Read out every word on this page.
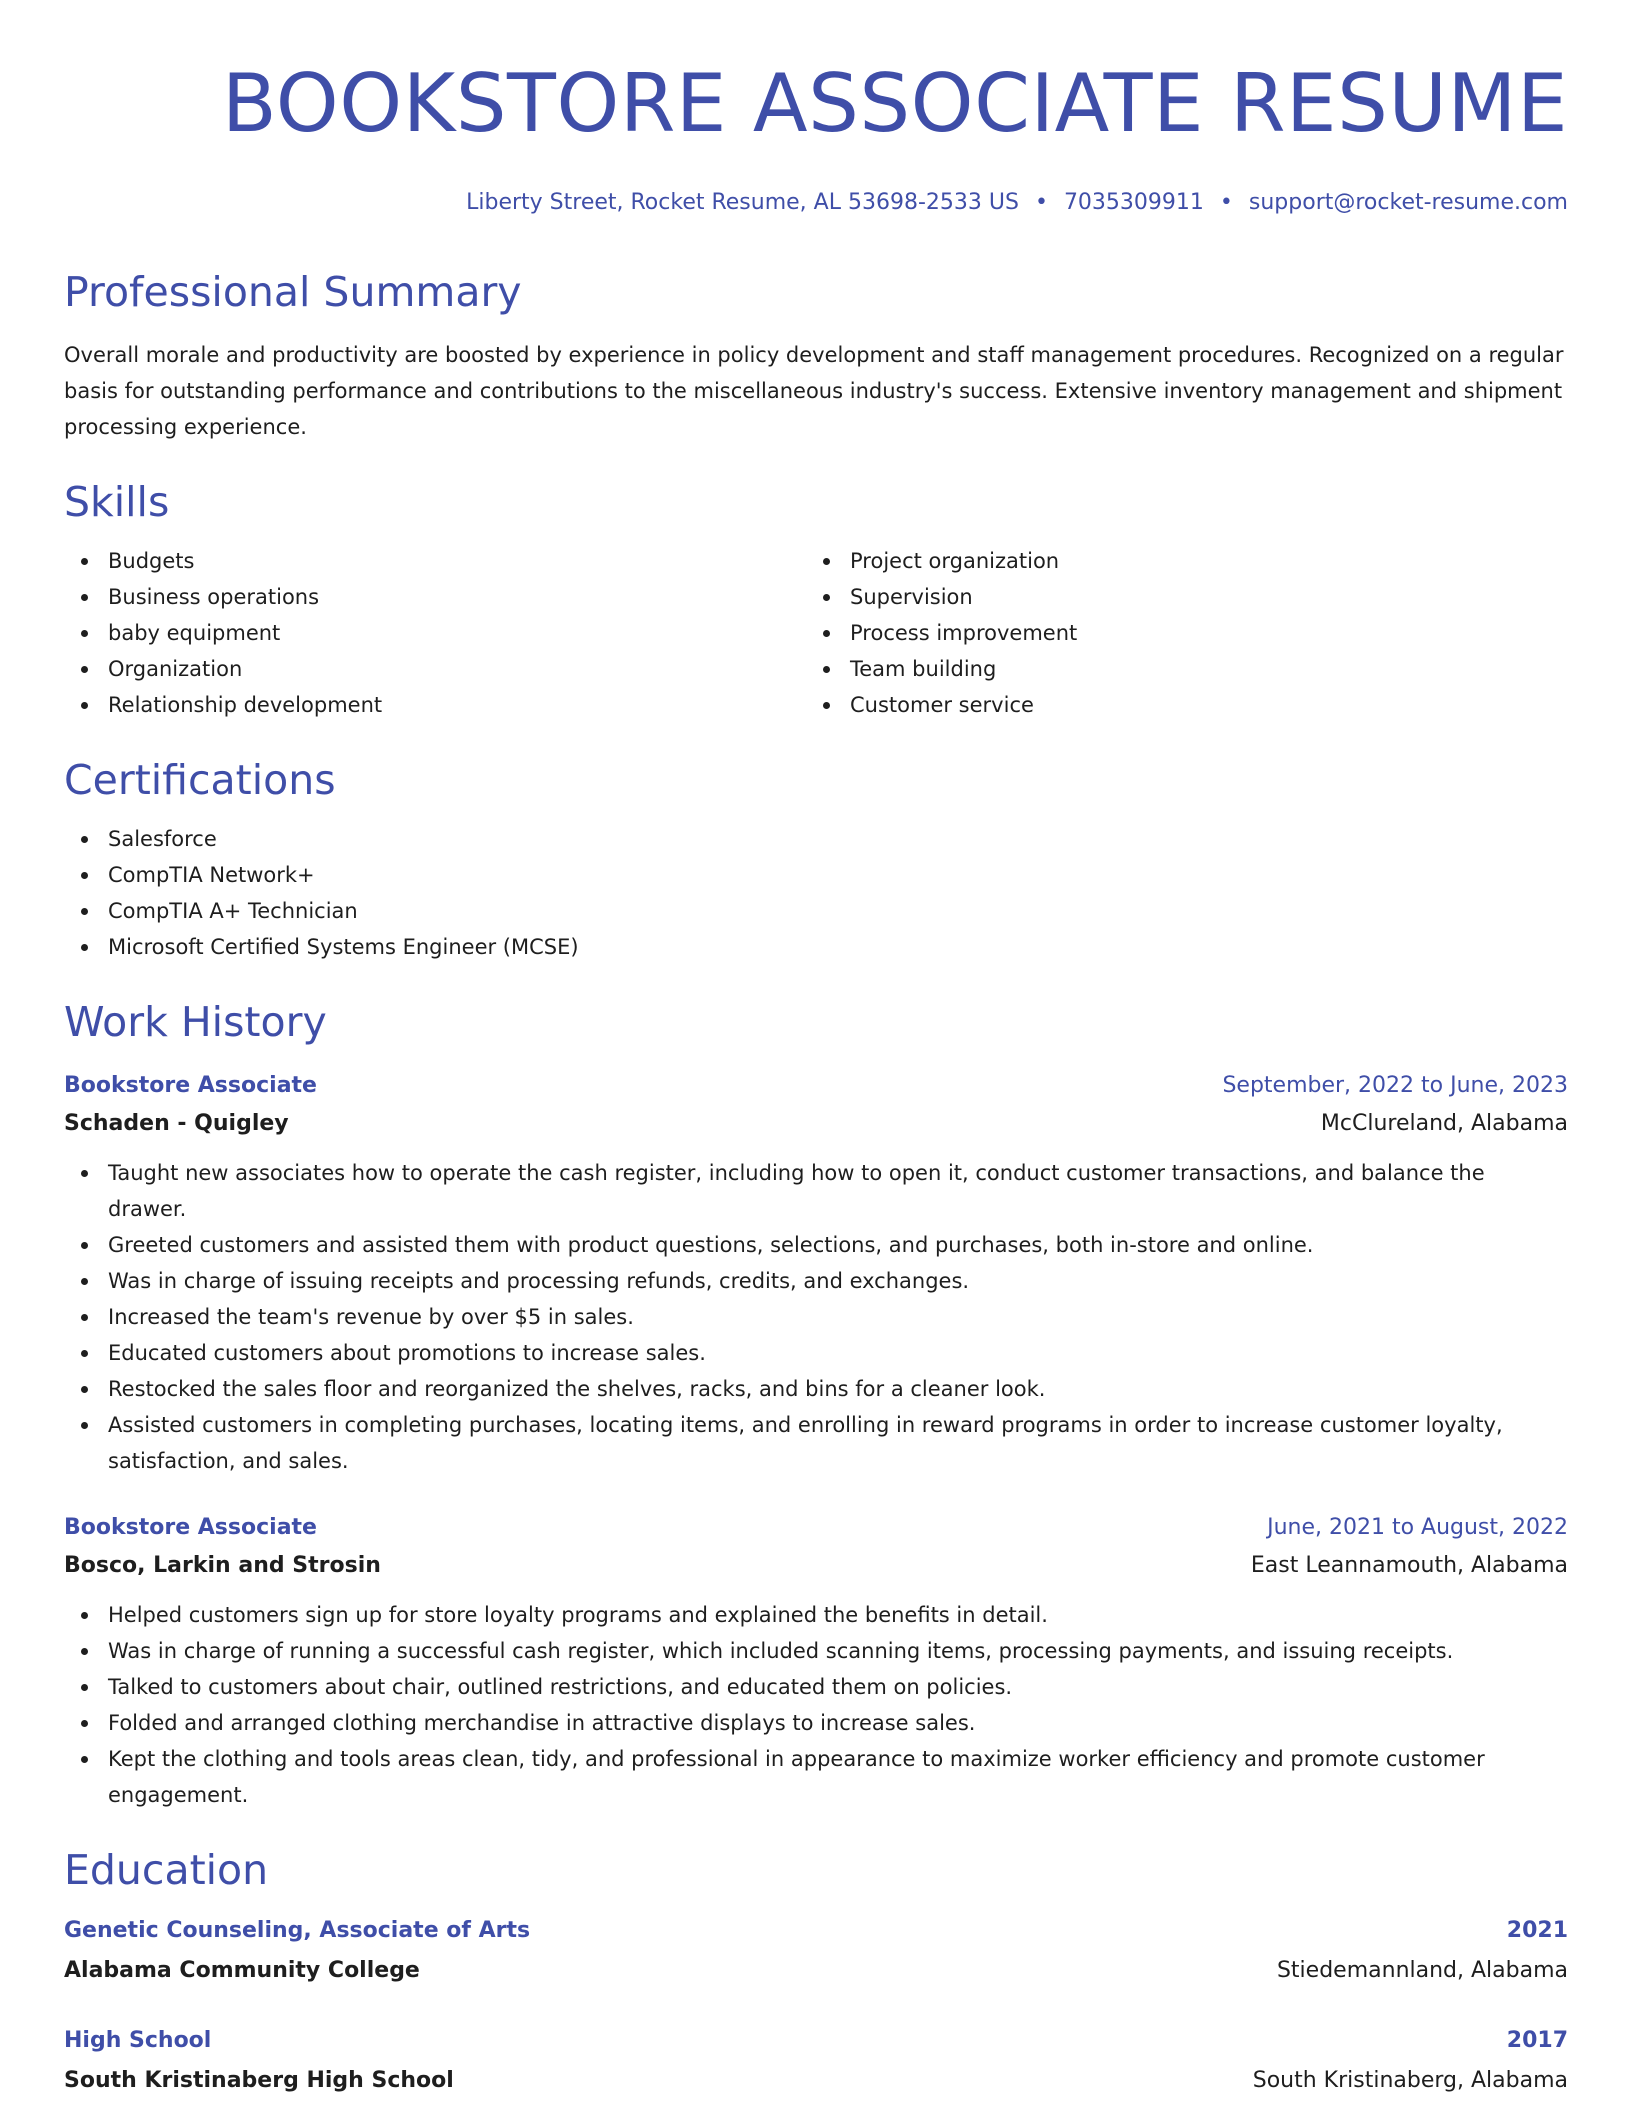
BOOKSTORE ASSOCIATE RESUME
Liberty Street, Rocket Resume, AL 53698-2533 US • 7035309911 • support@rocket-resume.com
Professional Summary

Overall morale and productivity are boosted by experience in policy development and staff management procedures. Recognized on a regular basis for outstanding performance and contributions to the miscellaneous industry's success. Extensive inventory management and shipment processing experience.

Skills
Budgets
Business operations
baby equipment
Organization
Relationship development
Project organization
Supervision
Process improvement
Team building
Customer service
Certifications
Salesforce
CompTIA Network+
CompTIA A+ Technician
Microsoft Certified Systems Engineer (MCSE)
Work History
Bookstore Associate	September, 2022 to June, 2023
Schaden - Quigley	McClureland, Alabama
Taught new associates how to operate the cash register, including how to open it, conduct customer transactions, and balance the drawer.
Greeted customers and assisted them with product questions, selections, and purchases, both in-store and online.
Was in charge of issuing receipts and processing refunds, credits, and exchanges.
Increased the team's revenue by over $5 in sales.
Educated customers about promotions to increase sales.
Restocked the sales floor and reorganized the shelves, racks, and bins for a cleaner look.
Assisted customers in completing purchases, locating items, and enrolling in reward programs in order to increase customer loyalty, satisfaction, and sales.
Bookstore Associate	June, 2021 to August, 2022
Bosco, Larkin and Strosin	East Leannamouth, Alabama
Helped customers sign up for store loyalty programs and explained the benefits in detail.
Was in charge of running a successful cash register, which included scanning items, processing payments, and issuing receipts.
Talked to customers about chair, outlined restrictions, and educated them on policies.
Folded and arranged clothing merchandise in attractive displays to increase sales.
Kept the clothing and tools areas clean, tidy, and professional in appearance to maximize worker efficiency and promote customer engagement.
Education
Genetic Counseling, Associate of Arts	2021
Alabama Community College	Stiedemannland, Alabama
High School	2017
South Kristinaberg High School	South Kristinaberg, Alabama
